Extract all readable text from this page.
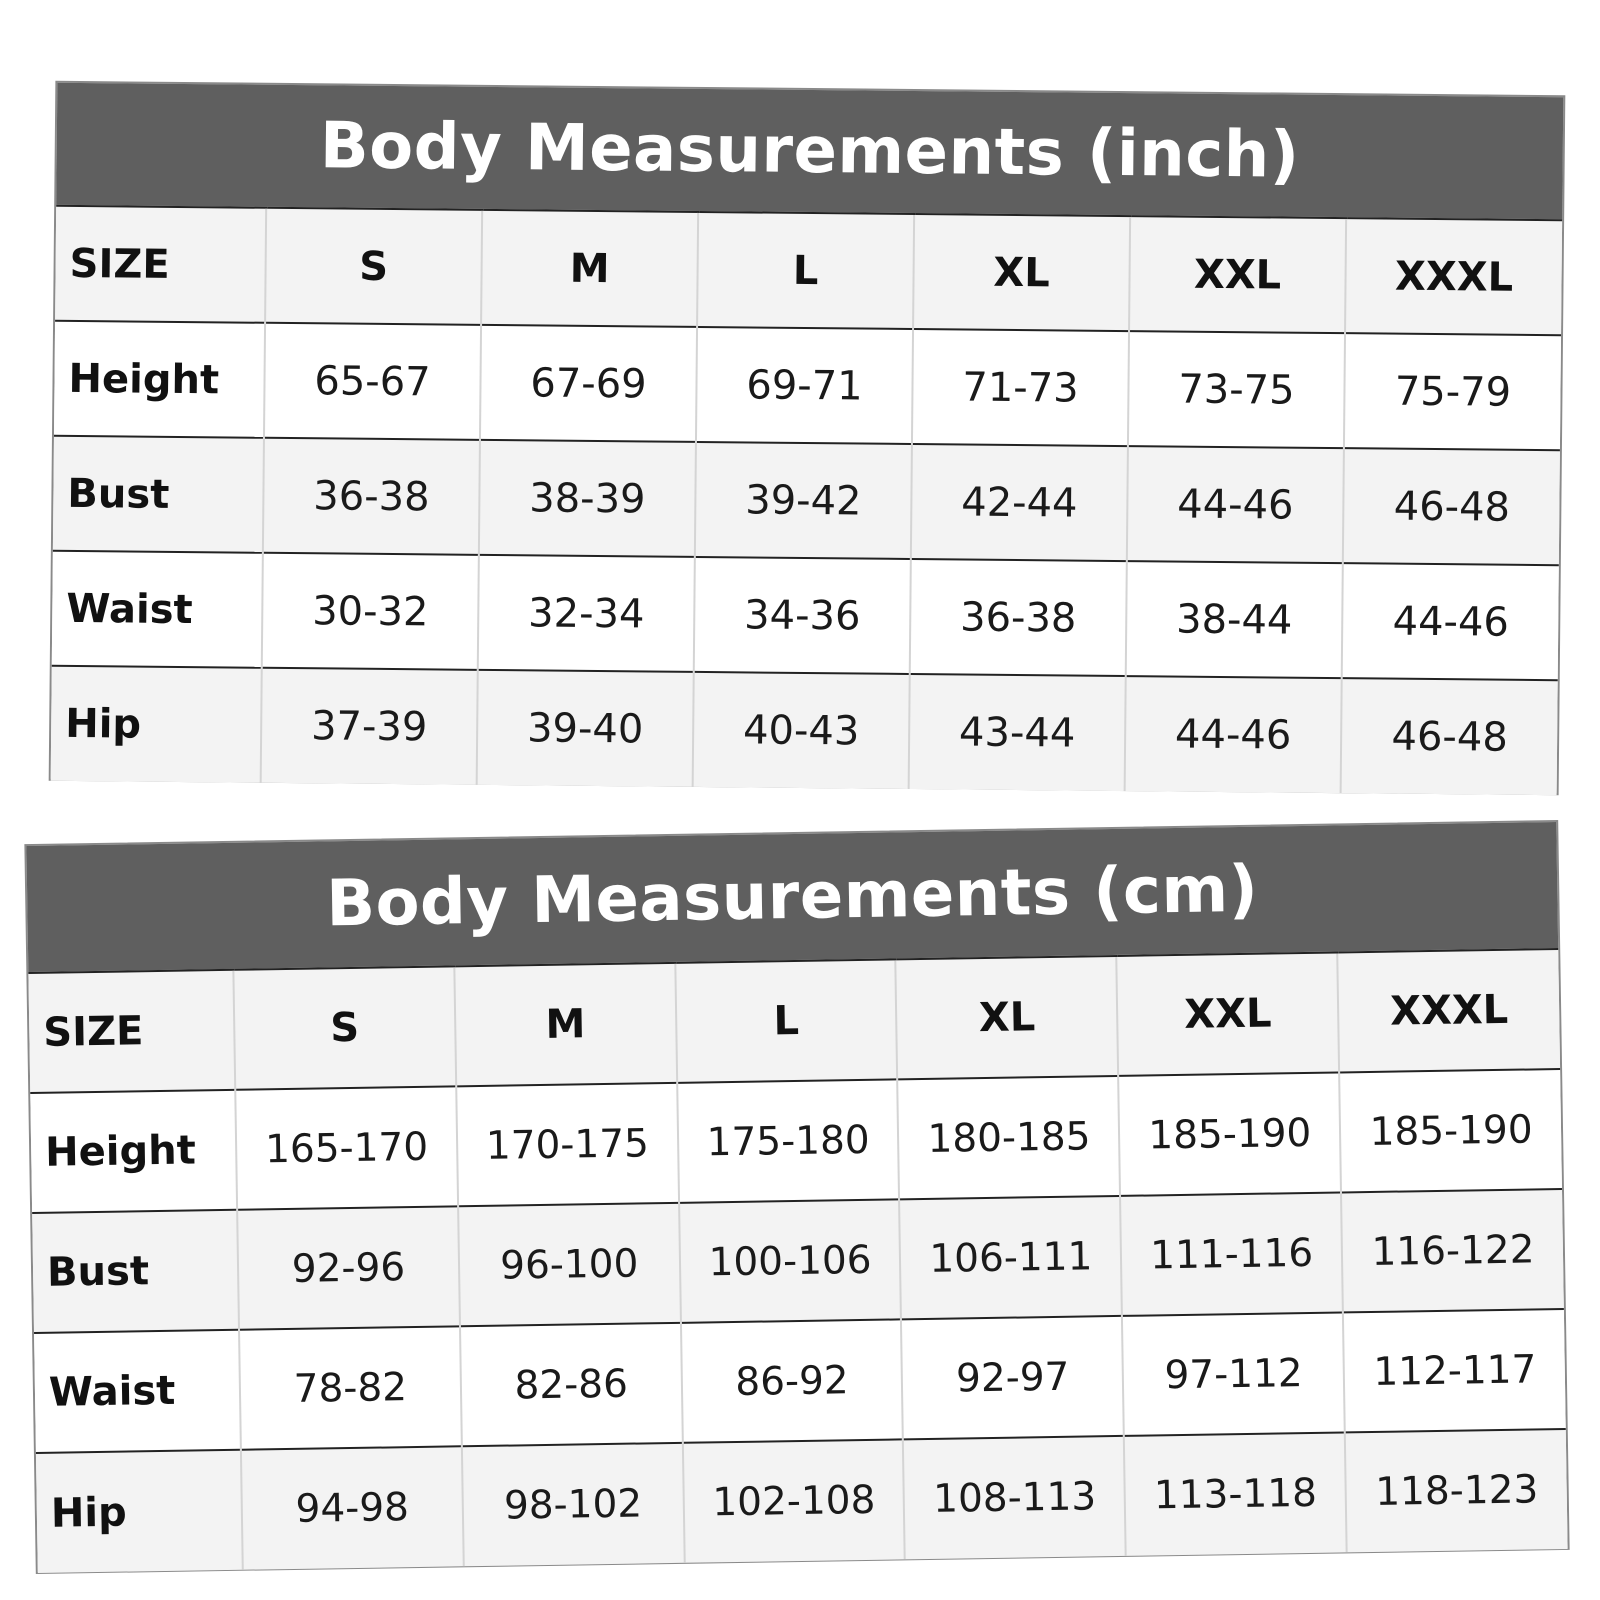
Body Measurements (inch)
SIZE	S	M	L	XL	XXL	XXXL
Height	65-67	67-69	69-71	71-73	73-75	75-79
Bust	36-38	38-39	39-42	42-44	44-46	46-48
Waist	30-32	32-34	34-36	36-38	38-44	44-46
Hip	37-39	39-40	40-43	43-44	44-46	46-48
Body Measurements (cm)
SIZE	S	M	L	XL	XXL	XXXL
Height	165-170	170-175	175-180	180-185	185-190	185-190
Bust	92-96	96-100	100-106	106-111	111-116	116-122
Waist	78-82	82-86	86-92	92-97	97-112	112-117
Hip	94-98	98-102	102-108	108-113	113-118	118-123
